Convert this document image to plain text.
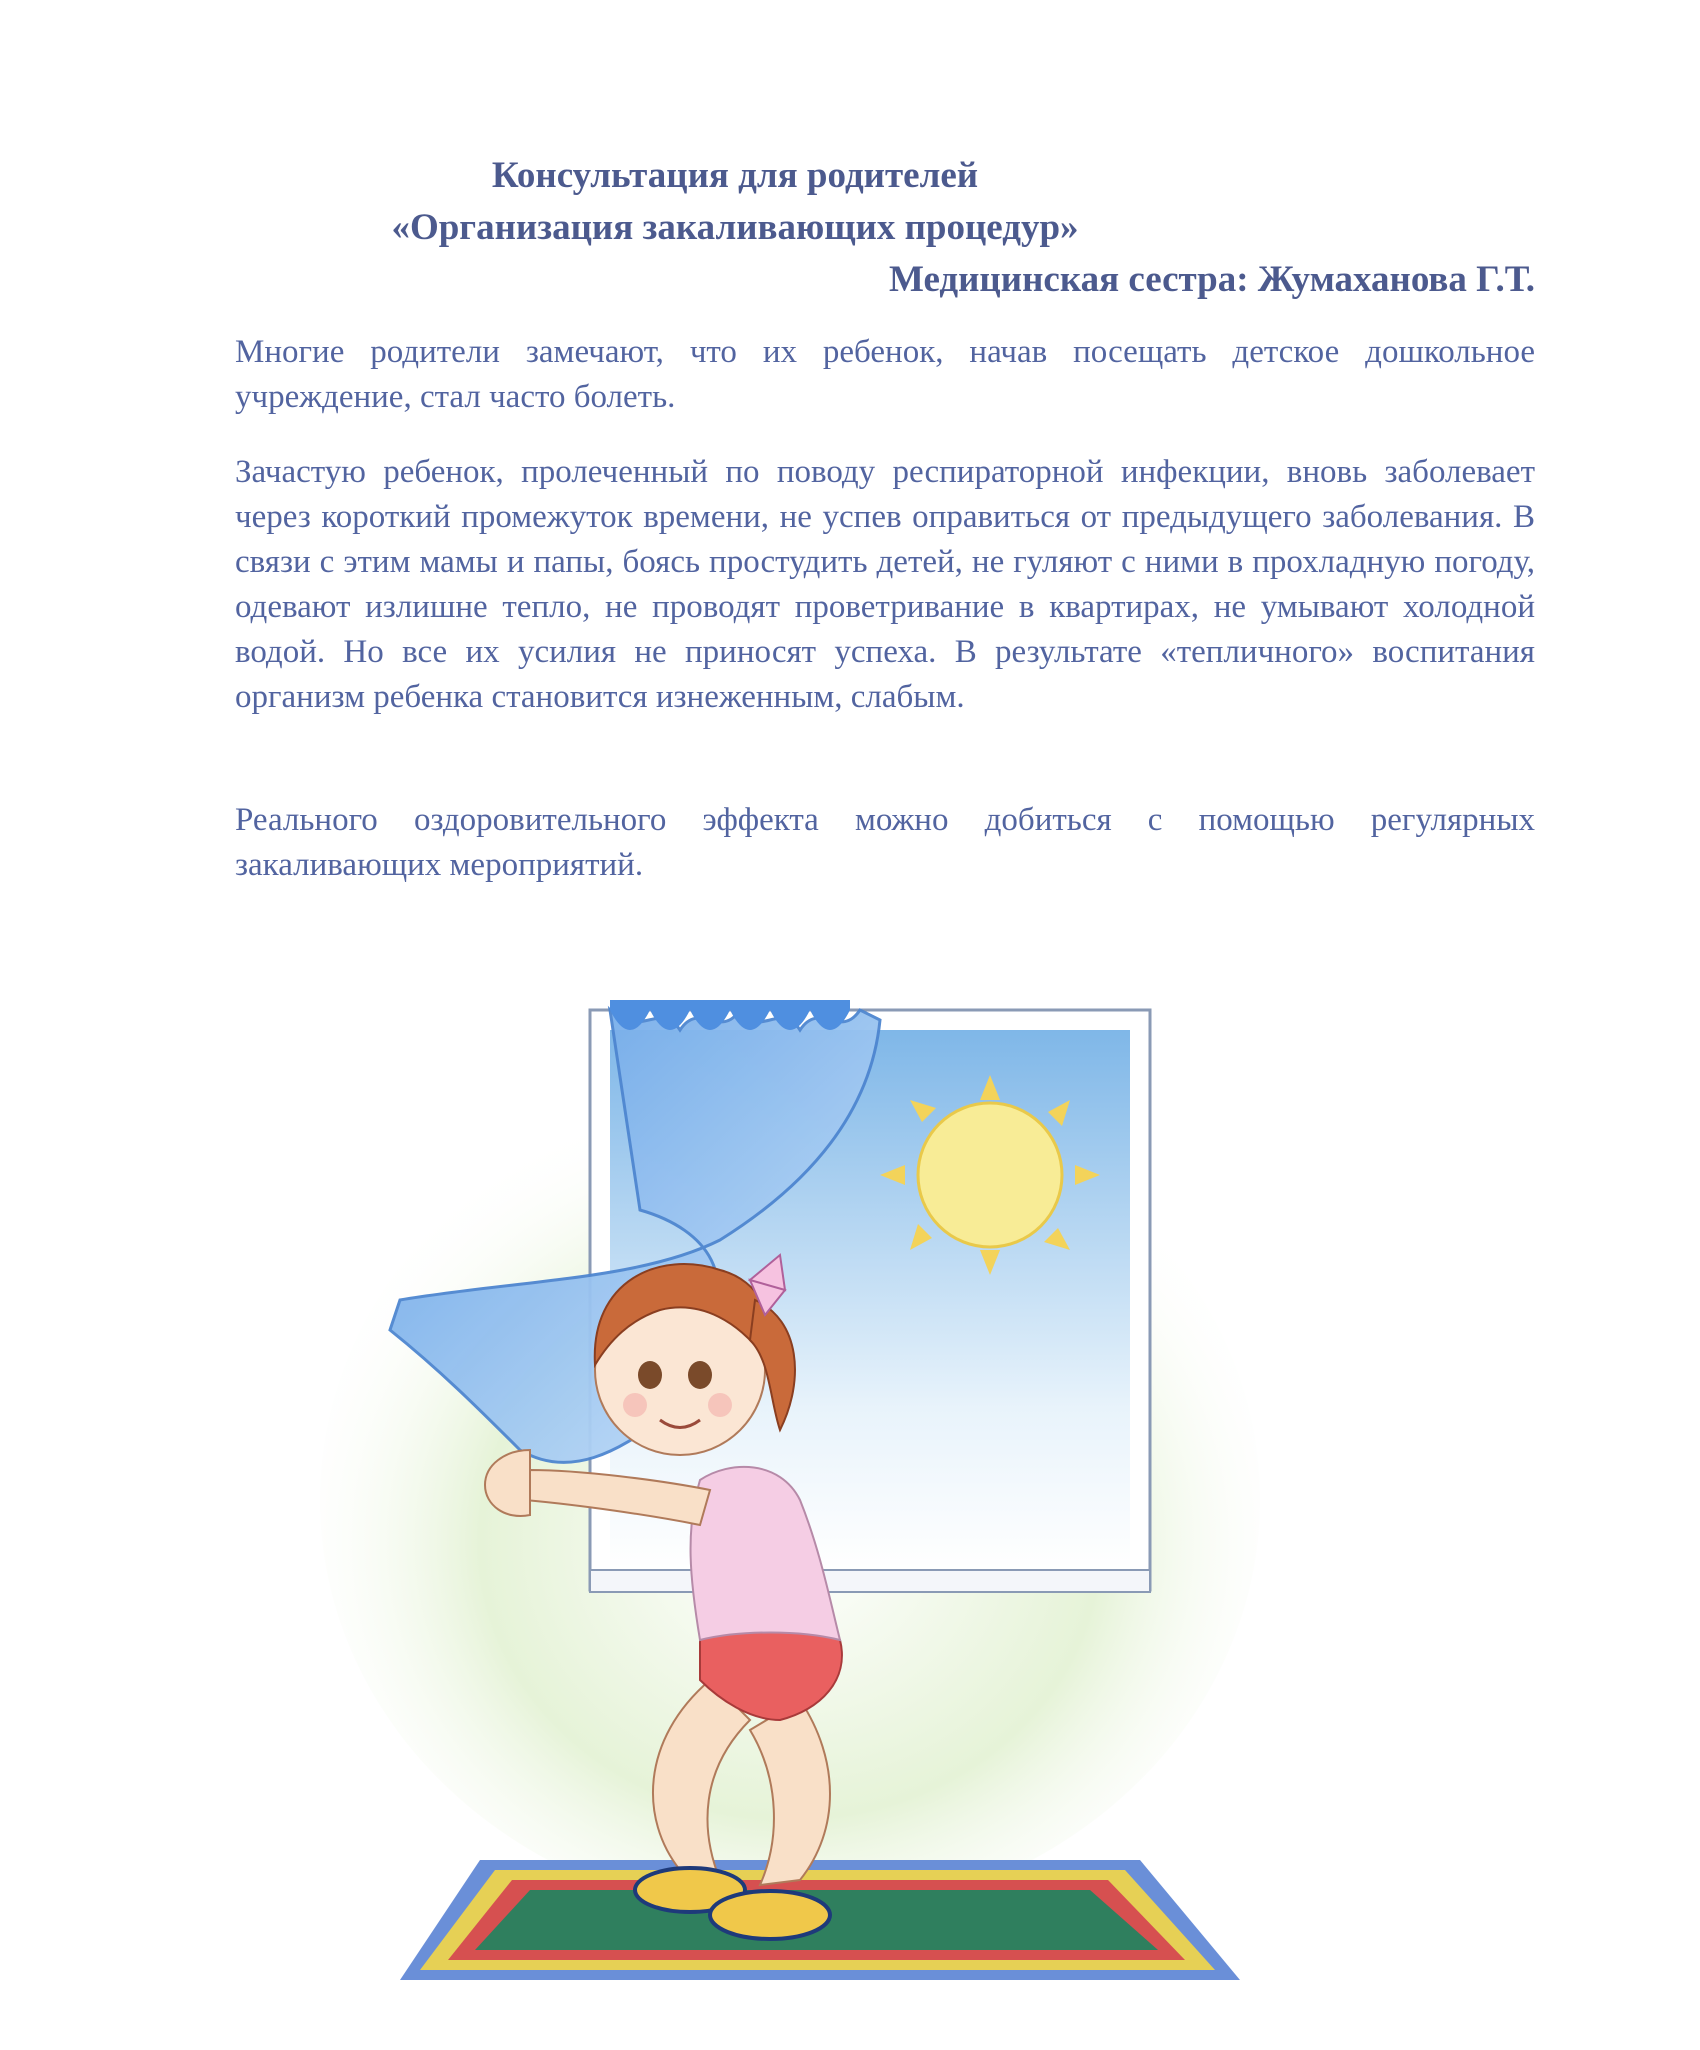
Консультация для родителей
«Организация закаливающих процедур»
Медицинская сестра: Жумаханова Г.Т.

Многие родители замечают, что их ребенок, начав посещать детское дошкольное учреждение, стал часто болеть.

Зачастую ребенок, пролеченный по поводу респираторной инфекции, вновь заболевает через короткий промежуток времени, не успев оправиться от предыдущего заболевания. В связи с этим мамы и папы, боясь простудить детей, не гуляют с ними в прохладную погоду, одевают излишне тепло, не проводят проветривание в квартирах, не умывают холодной водой. Но все их усилия не приносят успеха. В результате «тепличного» воспитания организм ребенка становится изнеженным, слабым.

Реального оздоровительного эффекта можно добиться с помощью регулярных закаливающих мероприятий.
